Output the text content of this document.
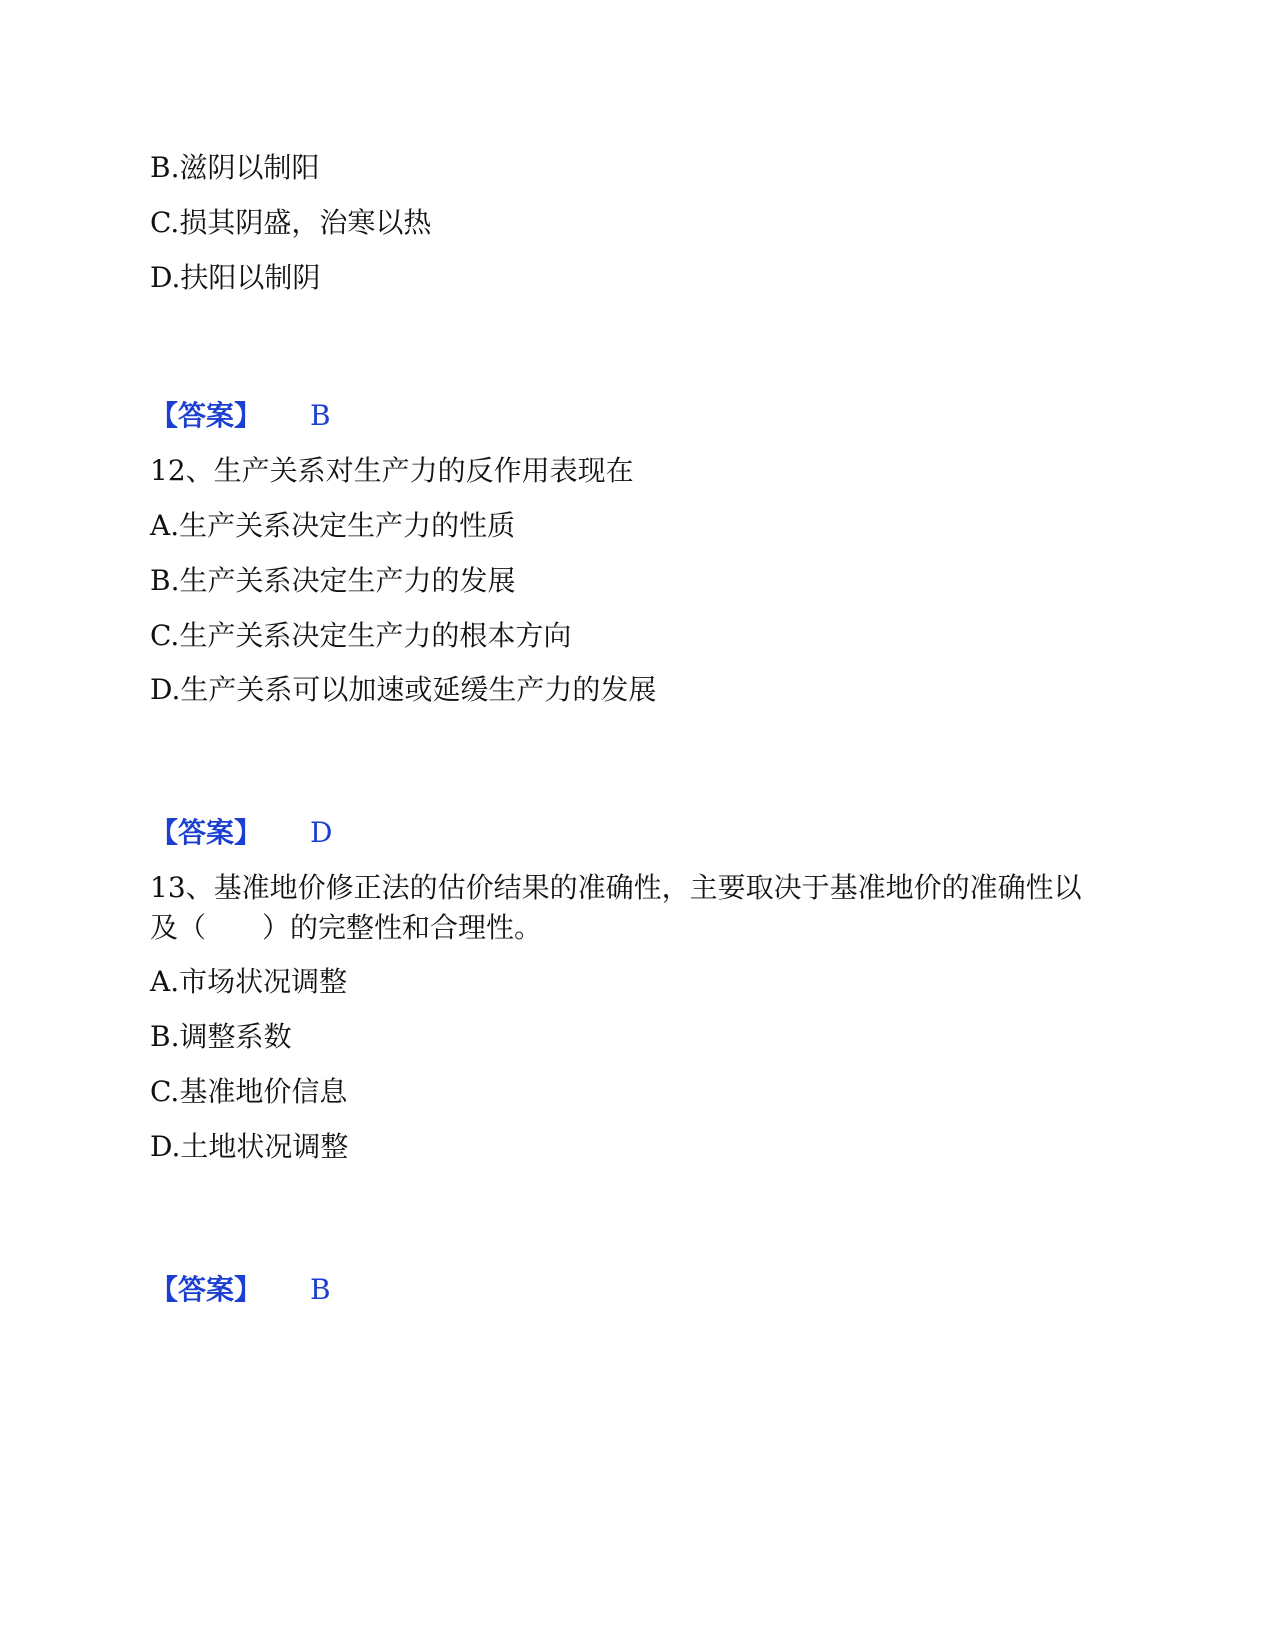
B.滋阴以制阳
C.损其阴盛，治寒以热
D.扶阳以制阴
【答案】 B
12、生产关系对生产力的反作用表现在
A.生产关系决定生产力的性质
B.生产关系决定生产力的发展
C.生产关系决定生产力的根本方向
D.生产关系可以加速或延缓生产力的发展
【答案】 D
13、基准地价修正法的估价结果的准确性，主要取决于基准地价的准确性以
及（　　）的完整性和合理性。
A.市场状况调整
B.调整系数
C.基准地价信息
D.土地状况调整
【答案】 B
